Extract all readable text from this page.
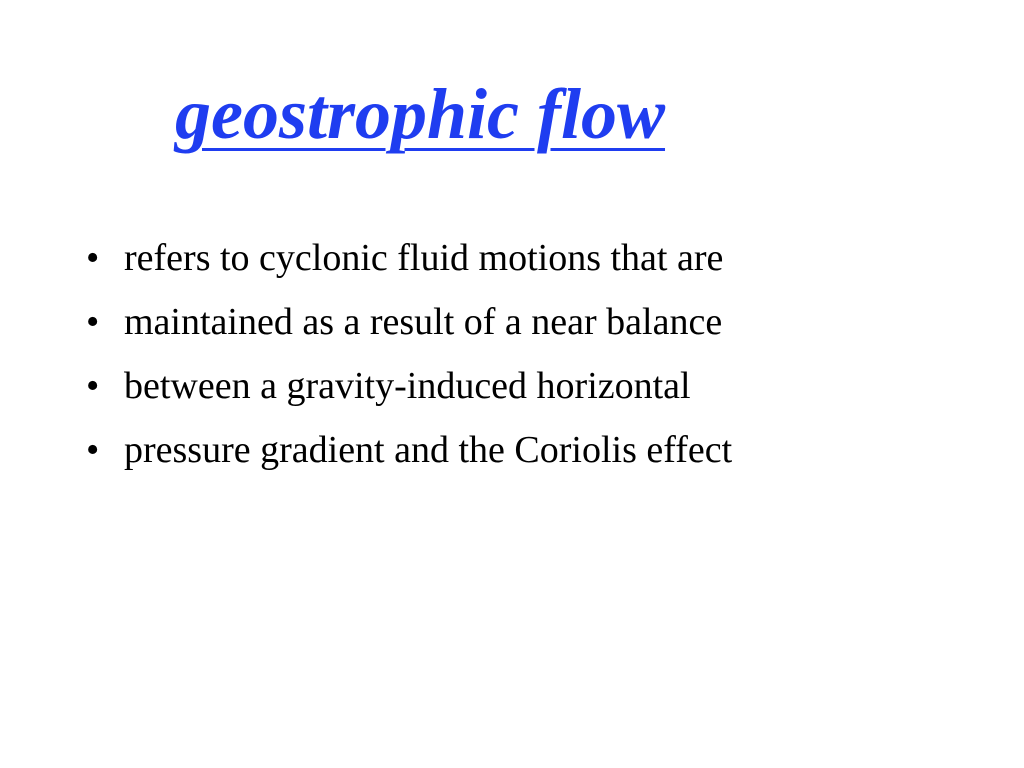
geostrophic flow
• refers to cyclonic fluid motions that are
• maintained as a result of a near balance
• between a gravity-induced horizontal
• pressure gradient and the Coriolis effect
